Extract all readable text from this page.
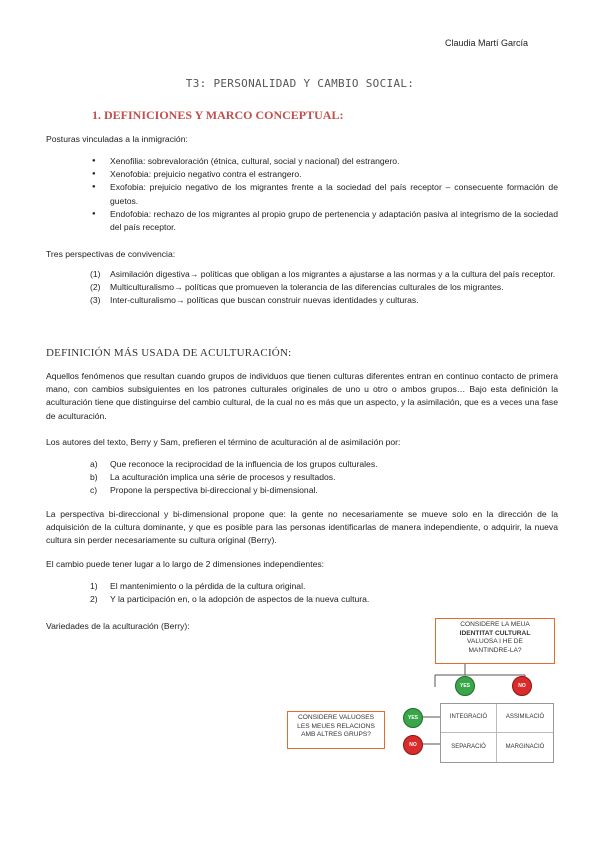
Claudia Martí García
T3: PERSONALIDAD Y CAMBIO SOCIAL:
1. DEFINICIONES Y MARCO CONCEPTUAL:
Posturas vinculadas a la inmigración:
● Xenofilia: sobrevaloración (étnica, cultural, social y nacional) del estrangero.
● Xenofobia: prejuicio negativo contra el estrangero.
● Exofobia: prejuicio negativo de los migrantes frente a la sociedad del país receptor – consecuente formación de guetos.
● Endofobia: rechazo de los migrantes al propio grupo de pertenencia y adaptación pasiva al integrismo de la sociedad del país receptor.
Tres perspectivas de convivencia:
(1) Asimilación digestiva→ políticas que obligan a los migrantes a ajustarse a las normas y a la cultura del país receptor.
(2) Multiculturalismo→ políticas que promueven la tolerancia de las diferencias culturales de los migrantes.
(3) Inter-culturalismo→ políticas que buscan construir nuevas identidades y culturas.
DEFINICIÓN MÁS USADA DE ACULTURACIÓN:
Aquellos fenómenos que resultan cuando grupos de individuos que tienen culturas diferentes entran en continuo contacto de primera mano, con cambios subsiguientes en los patrones culturales originales de uno u otro o ambos grupos… Bajo esta definición la aculturación tiene que distinguirse del cambio cultural, de la cual no es más que un aspecto, y la asimilación, que es a veces una fase de aculturación.
Los autores del texto, Berry y Sam, prefieren el término de aculturación al de asimilación por:
a) Que reconoce la reciprocidad de la influencia de los grupos culturales.
b) La aculturación implica una série de procesos y resultados.
c) Propone la perspectiva bi-direccional y bi-dimensional.
La perspectiva bi-direccional y bi-dimensional propone que: la gente no necesariamente se mueve solo en la dirección de la adquisición de la cultura dominante, y que es posible para las personas identificarlas de manera independiente, o adquirir, la nueva cultura sin perder necesariamente su cultura original (Berry).
El cambio puede tener lugar a lo largo de 2 dimensiones independientes:
1) El mantenimiento o la pérdida de la cultura original.
2) Y la participación en, o la adopción de aspectos de la nueva cultura.
Variedades de la aculturación (Berry):	CONSIDERE LA MEUA
IDENTITAT CULTURAL
VALUOSA I HE DE
MANTINDRE-LA?
YES	NO
CONSIDERE VALUOSES
LES MEUES RELACIONS
AMB ALTRES GRUPS?
YES
NO
INTEGRACIÓ	ASSIMILACIÓ
SEPARACIÓ	MARGINACIÓ
